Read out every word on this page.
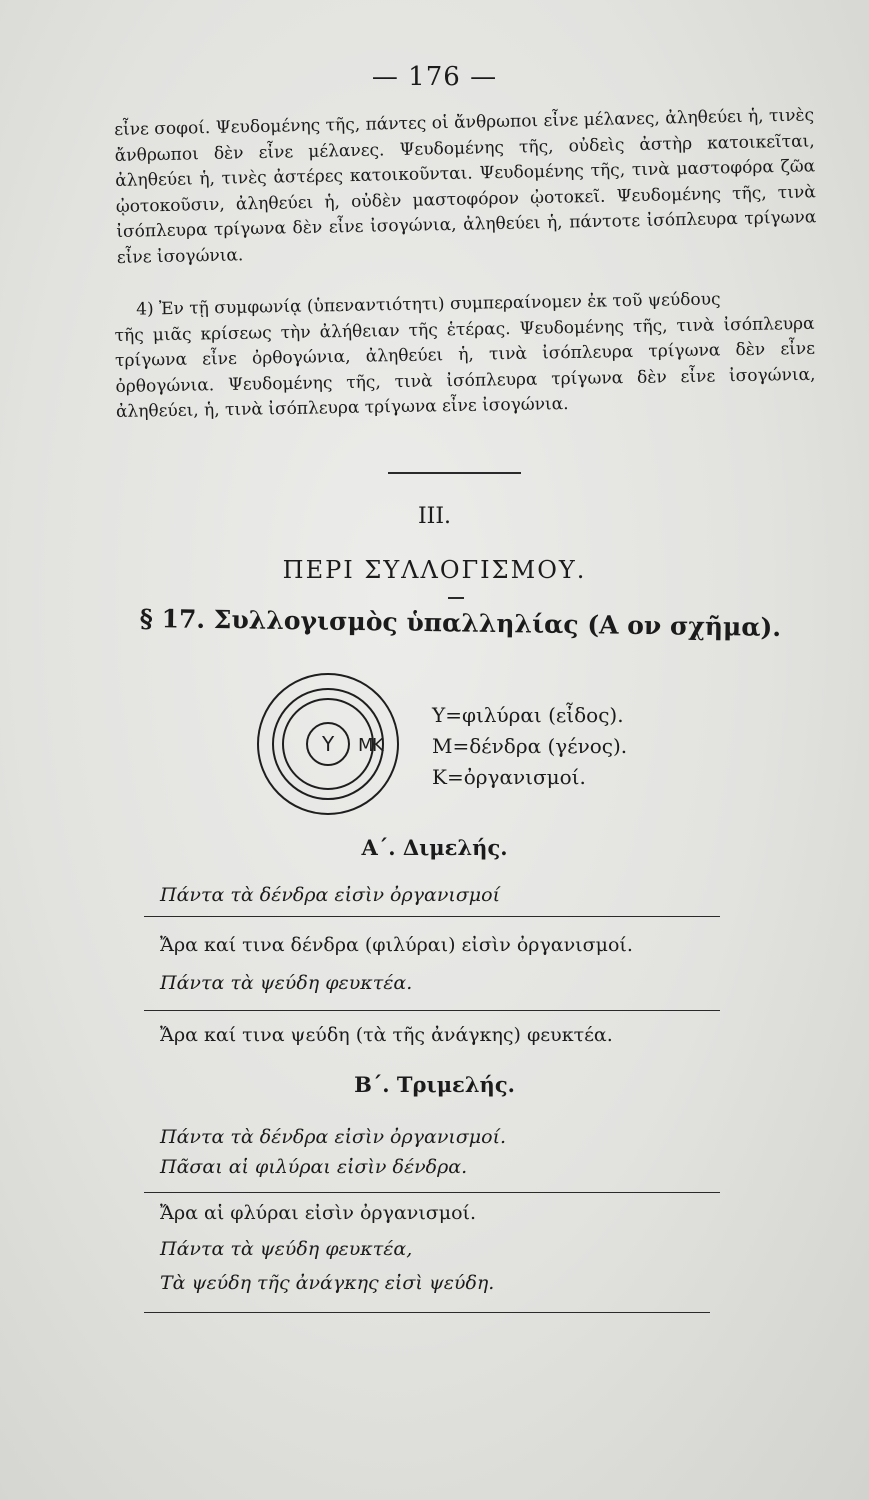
— 176 —
εἶνε σοφοί. Ψευδομένης τῆς, πάντες οἱ ἄνθρωποι εἶνε μέλανες, ἀληθεύει ἡ, τινὲς ἄνθρωποι δὲν εἶνε μέλανες. Ψευδομένης τῆς, οὐδεὶς ἀστὴρ κατοικεῖται, ἀληθεύει ἡ, τινὲς ἀστέρες κατοικοῦνται. Ψευδομένης τῆς, τινὰ μαστοφόρα ζῶα ᾠοτοκοῦσιν, ἀληθεύει ἡ, οὐδὲν μαστοφόρον ᾠοτοκεῖ. Ψευδομένης τῆς, τινὰ ἰσόπλευρα τρίγωνα δὲν εἶνε ἰσογώνια, ἀληθεύει ἡ, πάντοτε ἰσόπλευρα τρίγωνα εἶνε ἰσογώνια.
4) Ἐν τῇ συμφωνίᾳ (ὑπεναντιότητι) συμπεραίνομεν ἐκ τοῦ ψεύδους
τῆς μιᾶς κρίσεως τὴν ἀλήθειαν τῆς ἑτέρας. Ψευδομένης τῆς, τινὰ ἰσόπλευρα τρίγωνα εἶνε ὀρθογώνια, ἀληθεύει ἡ, τινὰ ἰσόπλευρα τρίγωνα δὲν εἶνε ὀρθογώνια. Ψευδομένης τῆς, τινὰ ἰσόπλευρα τρίγωνα δὲν εἶνε ἰσογώνια, ἀληθεύει, ἡ, τινὰ ἰσόπλευρα τρίγωνα εἶνε ἰσογώνια.
III.
ΠΕΡΙ ΣΥΛΛΟΓΙΣΜΟΥ.
§ 17. Συλλογισμὸς ὑπαλληλίας (Α ον σχῆμα).
Υ Μ
Κ
Υ=φιλύραι (εἶδος).
Μ=δένδρα (γένος).
Κ=ὀργανισμοί.
Α΄. Διμελής.
Πάντα τὰ δένδρα εἰσὶν ὀργανισμοί
Ἄρα καί τινα δένδρα (φιλύραι) εἰσὶν ὀργανισμοί.
Πάντα τὰ ψεύδη φευκτέα.
Ἄρα καί τινα ψεύδη (τὰ τῆς ἀνάγκης) φευκτέα.
Β΄. Τριμελής.
Πάντα τὰ δένδρα εἰσὶν ὀργανισμοί.
Πᾶσαι αἱ φιλύραι εἰσὶν δένδρα.
Ἄρα αἱ φλύραι εἰσὶν ὀργανισμοί.
Πάντα τὰ ψεύδη φευκτέα,
Τὰ ψεύδη τῆς ἀνάγκης εἰσὶ ψεύδη.
